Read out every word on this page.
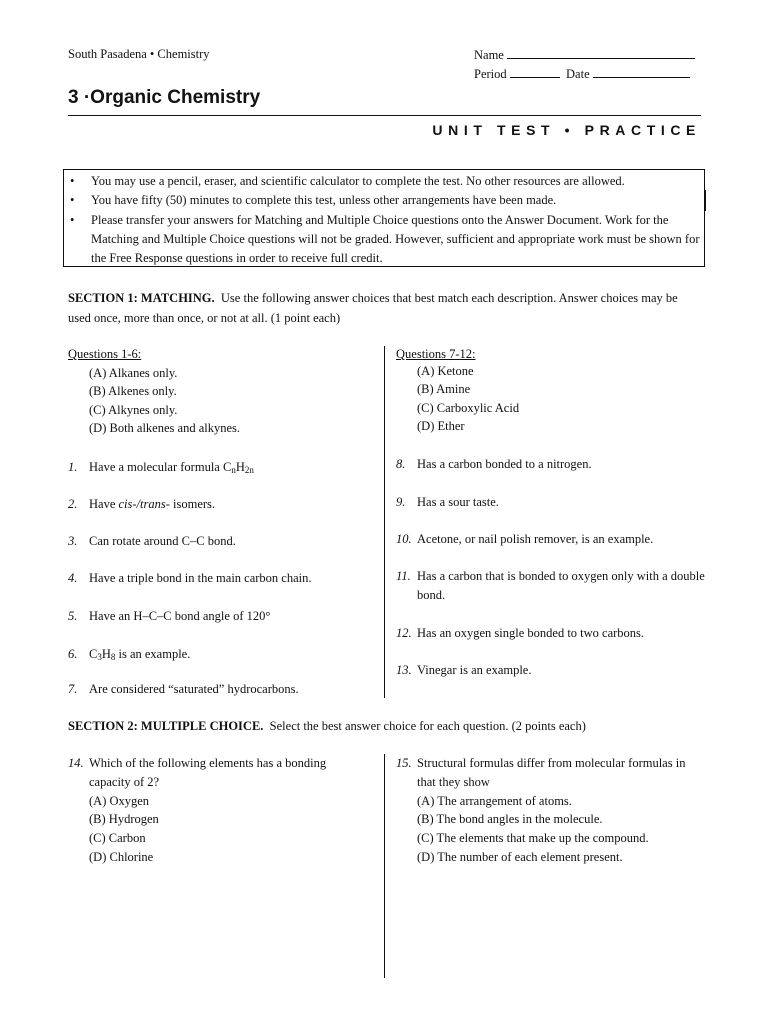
South Pasadena • Chemistry	Name
Period	Date
3 ·Organic Chemistry
UNIT TEST • PRACTICE
• You may use a pencil, eraser, and scientific calculator to complete the test. No other resources are allowed.
• You have fifty (50) minutes to complete this test, unless other arrangements have been made.
• Please transfer your answers for Matching and Multiple Choice questions onto the Answer Document. Work for the Matching and Multiple Choice questions will not be graded. However, sufficient and appropriate work must be shown for the Free Response questions in order to receive full credit.
SECTION 1: MATCHING. Use the following answer choices that best match each description. Answer choices may be used once, more than once, or not at all. (1 point each)
Questions 1-6:
(A) Alkanes only.
(B) Alkenes only.
(C) Alkynes only.
(D) Both alkenes and alkynes.
Questions 7-12:
(A) Ketone
(B) Amine
(C) Carboxylic Acid
(D) Ether
1. Have a molecular formula $C_nH_{2n}$
2. Have cis-/trans- isomers.
3. Can rotate around C–C bond.
4. Have a triple bond in the main carbon chain.
5. Have an H–C–C bond angle of 120°
6. $C_3H_8$ is an example.
7. Are considered “saturated” hydrocarbons.
8. Has a carbon bonded to a nitrogen.
9. Has a sour taste.
10. Acetone, or nail polish remover, is an example.
11. Has a carbon that is bonded to oxygen only with a double bond.
12. Has an oxygen single bonded to two carbons.
13. Vinegar is an example.
SECTION 2: MULTIPLE CHOICE. Select the best answer choice for each question. (2 points each)
14. Which of the following elements has a bonding capacity of 2?
(A) Oxygen
(B) Hydrogen
(C) Carbon
(D) Chlorine
15. Structural formulas differ from molecular formulas in that they show
(A) The arrangement of atoms.
(B) The bond angles in the molecule.
(C) The elements that make up the compound.
(D) The number of each element present.
